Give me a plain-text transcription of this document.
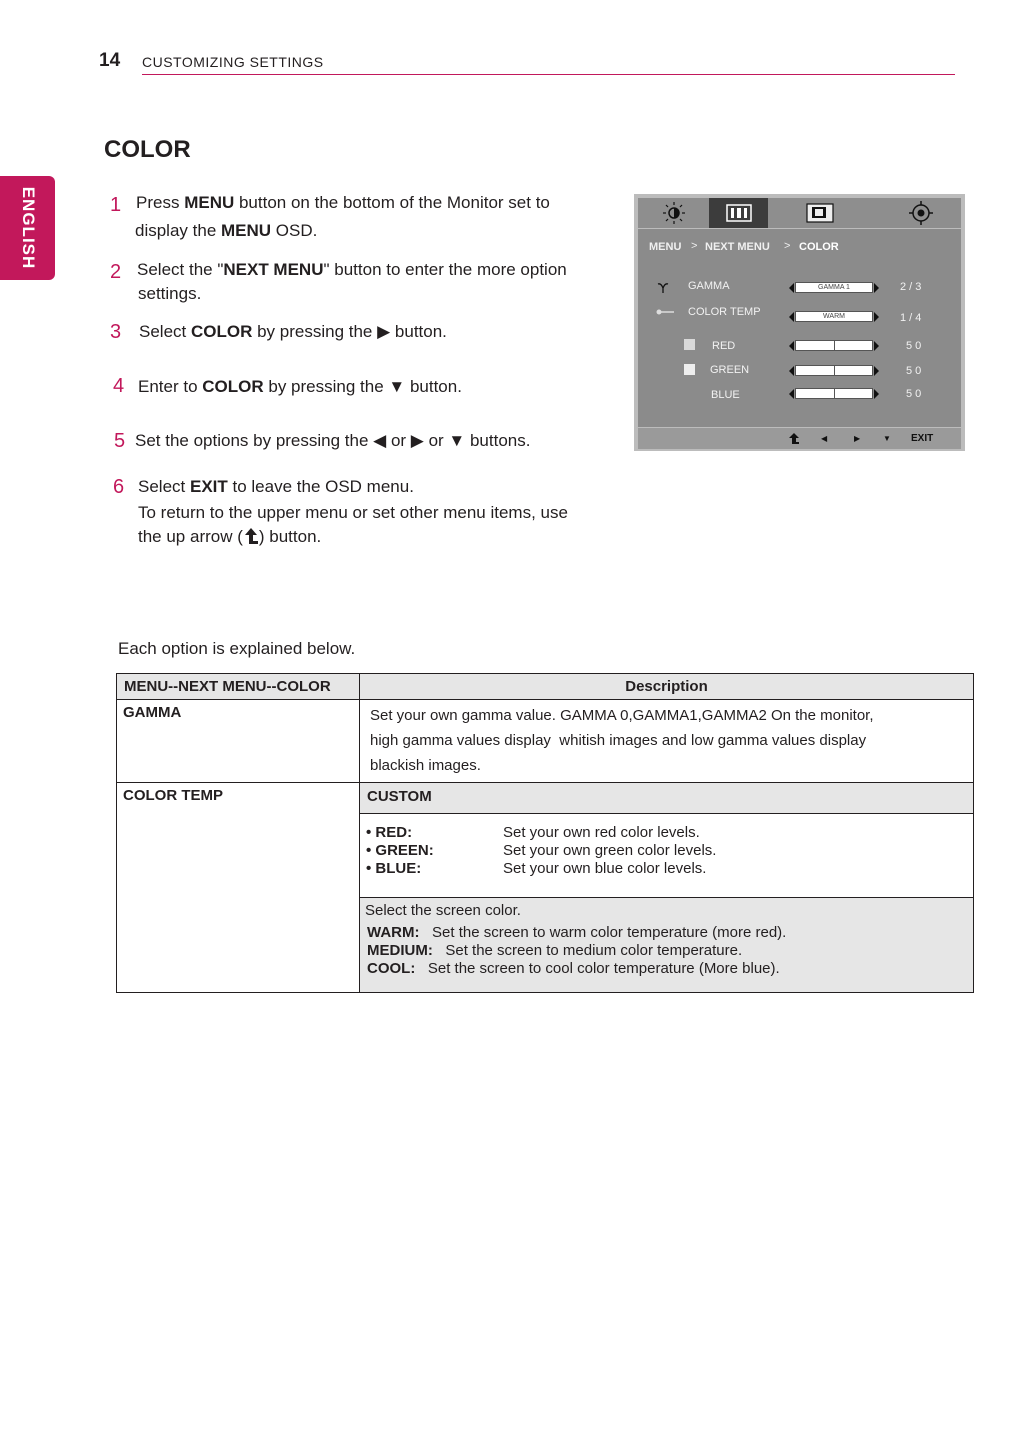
14 CUSTOMIZING SETTINGS
ENGLISH
COLOR
1 Press MENU button on the bottom of the Monitor set to
display the MENU OSD.
2 Select the "NEXT MENU" button to enter the more option
settings.
3 Select COLOR by pressing the ▶ button.
4 Enter to COLOR by pressing the ▼ button.
5 Set the options by pressing the ◀ or ▶ or ▼ buttons.
6 Select EXIT to leave the OSD menu.
To return to the upper menu or set other menu items, use
the up arrow ( ) button.
MENU > NEXT MENU > COLOR
GAMMA	GAMMA 1	2 / 3
COLOR TEMP	WARM	1 / 4
RED	5 0
GREEN	5 0
BLUE	5 0
◀	▶	▼ EXIT
Each option is explained below.
MENU--NEXT MENU--COLOR	Description
GAMMA	Set your own gamma value. GAMMA 0,GAMMA1,GAMMA2 On the monitor,
high gamma values display whitish images and low gamma values display
blackish images.

COLOR TEMP	CUSTOM

	• RED: Set your own red color levels.
• GREEN: Set your own green color levels.
• BLUE: Set your own blue color levels.

	Select the screen color.
WARM: Set the screen to warm color temperature (more red).
MEDIUM: Set the screen to medium color temperature.
COOL: Set the screen to cool color temperature (More blue).
